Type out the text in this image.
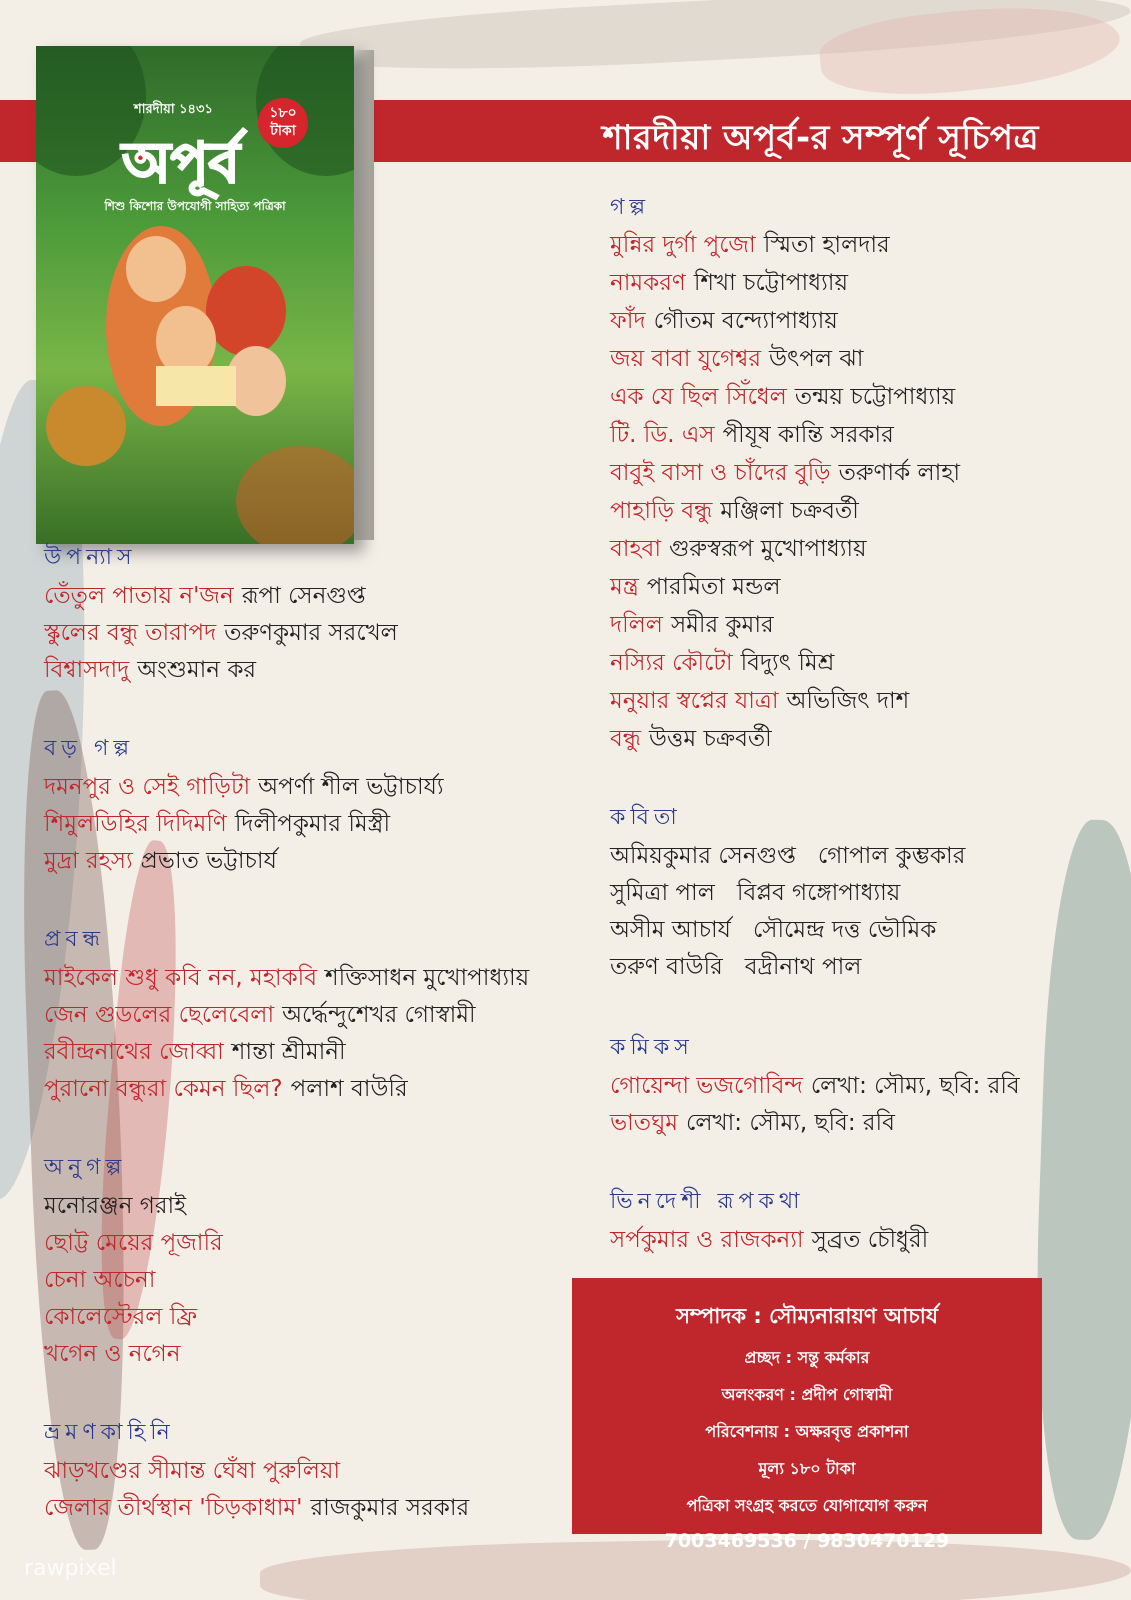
শারদীয়া অপূর্ব-র সম্পূর্ণ সূচিপত্র
শারদীয়া ১৪৩১
অপূর্ব
১৮০ টাকা
শিশু কিশোর উপযোগী সাহিত্য পত্রিকা
উপন্যাস
তেঁতুল পাতায় ন'জন রূপা সেনগুপ্ত
স্কুলের বন্ধু তারাপদ তরুণকুমার সরখেল
বিশ্বাসদাদু অংশুমান কর
বড় গল্প
দমনপুর ও সেই গাড়িটা অপর্ণা শীল ভট্টাচার্য্য
শিমুলডিহির দিদিমণি দিলীপকুমার মিস্ত্রী
মুদ্রা রহস্য প্রভাত ভট্টাচার্য
প্রবন্ধ
মাইকেল শুধু কবি নন, মহাকবি শক্তিসাধন মুখোপাধ্যায়
জেন গুডলের ছেলেবেলা অর্দ্ধেন্দুশেখর গোস্বামী
রবীন্দ্রনাথের জোব্বা শান্তা শ্রীমানী
পুরানো বন্ধুরা কেমন ছিল? পলাশ বাউরি
অনুগল্প
মনোরঞ্জন গরাই
ছোট্ট মেয়ের পূজারি
চেনা অচেনা
কোলেস্টেরল ফ্রি
খগেন ও নগেন
ভ্রমণকাহিনি
ঝাড়খণ্ডের সীমান্ত ঘেঁষা পুরুলিয়া
জেলার তীর্থস্থান 'চিড়কাধাম' রাজকুমার সরকার
গল্প
মুন্নির দুর্গা পুজো স্মিতা হালদার
নামকরণ শিখা চট্টোপাধ্যায়
ফাঁদ গৌতম বন্দ্যোপাধ্যায়
জয় বাবা যুগেশ্বর উৎপল ঝা
এক যে ছিল সিঁধেল তন্ময় চট্টোপাধ্যায়
টি. ডি. এস পীযূষ কান্তি সরকার
বাবুই বাসা ও চাঁদের বুড়ি তরুণার্ক লাহা
পাহাড়ি বন্ধু মঞ্জিলা চক্রবর্তী
বাহবা গুরুস্বরূপ মুখোপাধ্যায়
মন্ত্র পারমিতা মন্ডল
দলিল সমীর কুমার
নস্যির কৌটো বিদ্যুৎ মিশ্র
মনুয়ার স্বপ্নের যাত্রা অভিজিৎ দাশ
বন্ধু উত্তম চক্রবর্তী
কবিতা
অমিয়কুমার সেনগুপ্ত গোপাল কুম্ভকার
সুমিত্রা পাল বিপ্লব গঙ্গোপাধ্যায়
অসীম আচার্য সৌমেন্দ্র দত্ত ভৌমিক
তরুণ বাউরি বদ্রীনাথ পাল
কমিকস
গোয়েন্দা ভজগোবিন্দ লেখা: সৌম্য, ছবি: রবি
ভাতঘুম লেখা: সৌম্য, ছবি: রবি
ভিনদেশী রূপকথা
সর্পকুমার ও রাজকন্যা সুব্রত চৌধুরী
সম্পাদক : সৌম্যনারায়ণ আচার্য
প্রচ্ছদ : সন্তু কর্মকার
অলংকরণ : প্রদীপ গোস্বামী
পরিবেশনায় : অক্ষরবৃত্ত প্রকাশনা
মূল্য ১৮০ টাকা
পত্রিকা সংগ্রহ করতে যোগাযোগ করুন
7003469536 / 9830470129
rawpixel
